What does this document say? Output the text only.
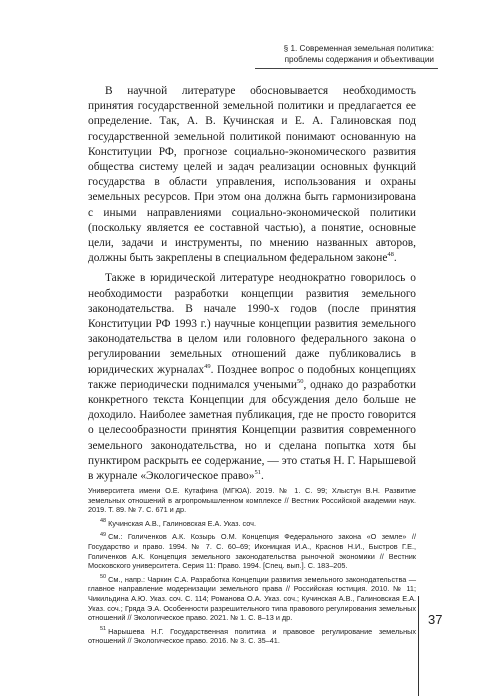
§ 1. Современная земельная политика:
проблемы содержания и объективации

В научной литературе обосновывается необходимость принятия государственной земельной политики и предлагается ее определение. Так, А. В. Кучинская и Е. А. Галиновская под государственной земельной политикой понимают основанную на Конституции РФ, прогнозе социально-экономического развития общества систему целей и задач реализации основных функций государства в области управления, использования и охраны земельных ресурсов. При этом она должна быть гармонизирована с иными направлениями социально-экономической политики (поскольку является ее составной частью), а понятие, основные цели, задачи и инструменты, по мнению названных авторов, должны быть закреплены в специальном федеральном законе$^{48}$.

Также в юридической литературе неоднократно говорилось о необходимости разработки концепции развития земельного законодательства. В начале 1990-х годов (после принятия Конституции РФ 1993 г.) научные концепции развития земельного законодательства в целом или головного федерального закона о регулировании земельных отношений даже публиковались в юридических журналах$^{49}$. Позднее вопрос о подобных концепциях также периодически поднимался учеными$^{50}$, однако до разработки конкретного текста Концепции для обсуждения дело больше не доходило. Наиболее заметная публикация, где не просто говорится о целесообразности принятия Концепции развития современного земельного законодательства, но и сделана попытка хотя бы пунктиром раскрыть ее содержание, — это статья Н. Г. Нарышевой в журнале «Экологическое право»$^{51}$.

Университета имени О.Е. Кутафина (МГЮА). 2019. № 1. С. 99; Хлыстун В.Н. Развитие земельных отношений в агропромышленном комплексе // Вестник Российской академии наук. 2019. Т. 89. № 7. С. 671 и др.

$^{48}$ Кучинская А.В., Галиновская Е.А. Указ. соч.

$^{49}$ См.: Голиченков А.К. Козырь О.М. Концепция Федерального закона «О земле» // Государство и право. 1994. № 7. С. 60–69; Иконицкая И.А., Краснов Н.И., Быстров Г.Е., Голиченков А.К. Концепция земельного законодательства рыночной экономики // Вестник Московского университета. Серия 11: Право. 1994. [Спец. вып.]. С. 183–205.

$^{50}$ См., напр.: Чаркин С.А. Разработка Концепции развития земельного законодательства — главное направление модернизации земельного права // Российская юстиция. 2010. № 11; Чикильдина А.Ю. Указ. соч. С. 114; Романова О.А. Указ. соч.; Кучинская А.В., Галиновская Е.А. Указ. соч.; Грядa Э.А. Особенности разрешительного типа правового регулирования земельных отношений // Экологическое право. 2021. № 1. С. 8–13 и др.

$^{51}$ Нарышева Н.Г. Государственная политика и правовое регулирование земельных отношений // Экологическое право. 2016. № 3. С. 35–41.

37
